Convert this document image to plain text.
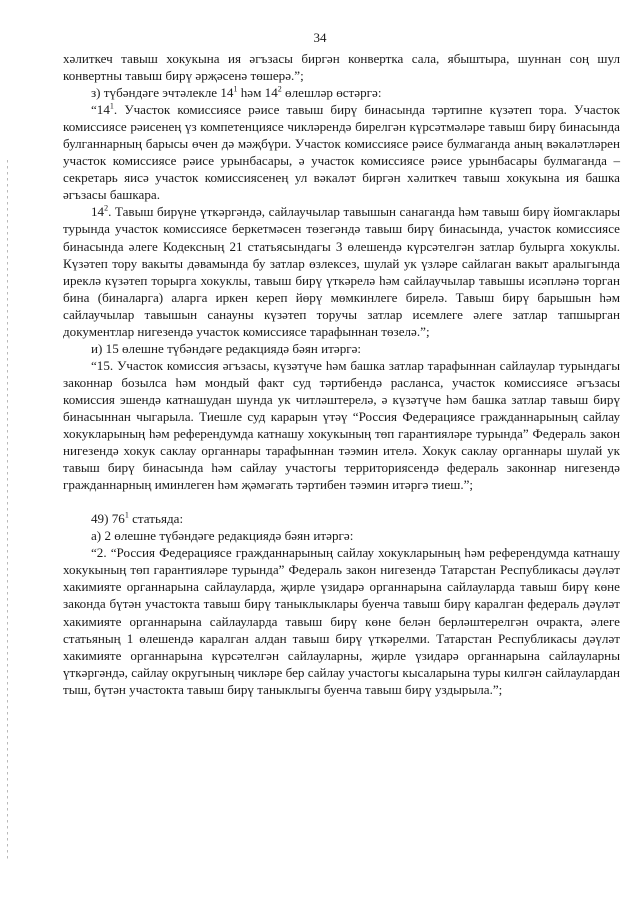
34

хәлиткеч тавыш хокукына ия әгъзасы биргән конвертка сала, ябыштыра, шуннан соң шул конвертны тавыш бирү әрҗәсенә төшерә.”;

з) түбәндәге эчтәлекле $14^1$ һәм $14^2$ өлешләр өстәргә:

“$14^1$. Участок комиссиясе рәисе тавыш бирү бинасында тәртипне күзәтеп тора. Участок комиссиясе рәисенең үз компетенциясе чикләрендә бирелгән күрсәтмәләре тавыш бирү бинасында булганнарның барысы өчен дә мәҗбүри. Участок комиссиясе рәисе булмаганда аның вәкаләтләрен участок комиссиясе рәисе урынбасары, ә участок комиссиясе рәисе урынбасары булмаганда – секретарь яисә участок комиссиясенең ул вәкаләт биргән хәлиткеч тавыш хокукына ия башка әгъзасы башкара.

$14^2$. Тавыш бирүне үткәргәндә, сайлаучылар тавышын санаганда һәм тавыш бирү йомгаклары турында участок комиссиясе беркетмәсен төзегәндә тавыш бирү бинасында, участок комиссиясе бинасында әлеге Кодексның 21 статьясындагы 3 өлешендә күрсәтелгән затлар булырга хокуклы. Күзәтеп тору вакыты дәвамында бу затлар өзлексез, шулай ук үзләре сайлаган вакыт аралыгында иреклә күзәтеп торырга хокуклы, тавыш бирү үткәрелә һәм сайлаучылар тавышы исәпләнә торган бина (биналарга) аларга иркен кереп йөрү мөмкинлеге бирелә. Тавыш бирү барышын һәм сайлаучылар тавышын санауны күзәтеп торучы затлар исемлеге әлеге затлар тапшырган документлар нигезендә участок комиссиясе тарафыннан төзелә.”;

и) 15 өлешне түбәндәге редакциядә бәян итәргә:

“15. Участок комиссия әгъзасы, күзәтүче һәм башка затлар тарафыннан сайлаулар турындагы законнар бозылса һәм мондый факт суд тәртибендә расланса, участок комиссиясе әгъзасы комиссия эшендә катнашудан шунда ук читләштерелә, ә күзәтүче һәм башка затлар тавыш бирү бинасыннан чыгарыла. Тиешле суд карарын үтәү “Россия Федерациясе гражданнарының сайлау хокукларының һәм референдумда катнашу хокукының төп гарантияләре турында” Федераль закон нигезендә хокук саклау органнары тарафыннан тәэмин ителә. Хокук саклау органнары шулай ук тавыш бирү бинасында һәм сайлау участогы территориясендә федераль законнар нигезендә гражданнарның иминлеген һәм җәмәгать тәртибен тәэмин итәргә тиеш.”;

49) $76^1$ статьяда:

а) 2 өлешне түбәндәге редакциядә бәян итәргә:

“2. “Россия Федерациясе гражданнарының сайлау хокукларының һәм референдумда катнашу хокукының төп гарантияләре турында” Федераль закон нигезендә Татарстан Республикасы дәүләт хакимияте органнарына сайлауларда, җирле үзидарә органнарына сайлауларда тавыш бирү көне законда бүтән участокта тавыш бирү таныклыклары буенча тавыш бирү каралган федераль дәүләт хакимияте органнарына сайлауларда тавыш бирү көне белән берләштерелгән очракта, әлеге статьяның 1 өлешендә каралган алдан тавыш бирү үткәрелми. Татарстан Республикасы дәүләт хакимияте органнарына күрсәтелгән сайлауларны, җирле үзидарә органнарына сайлауларны үткәргәндә, сайлау округының чикләре бер сайлау участогы кысаларына туры килгән сайлаулардан тыш, бүтән участокта тавыш бирү таныклыгы буенча тавыш бирү уздырыла.”;
